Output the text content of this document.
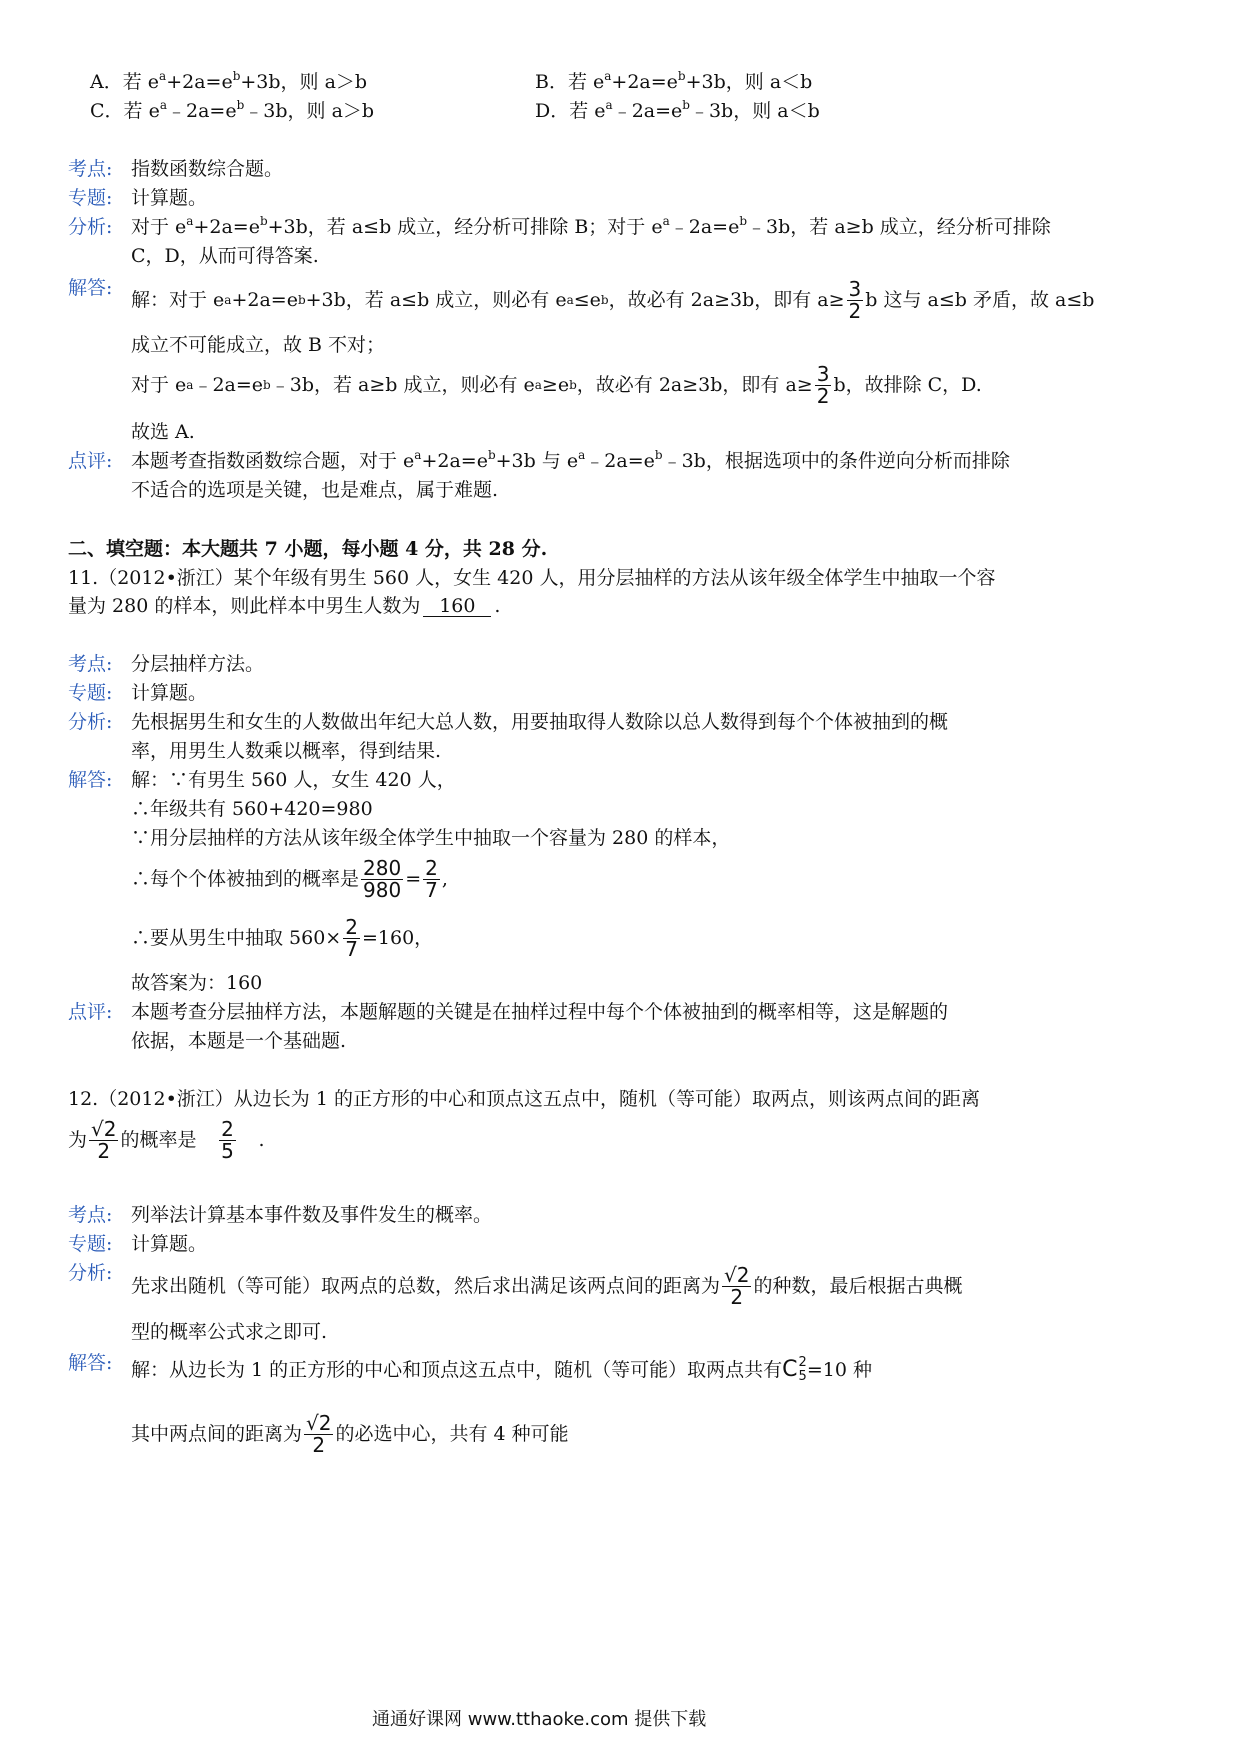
A．若 $e^a+2a=e^b+3b$，则 a＞b	B．若 $e^a+2a=e^b+3b$，则 a＜b
C．若 $e^a﹣2a=e^b﹣3b$，则 a＞b	D．若 $e^a﹣2a=e^b﹣3b$，则 a＜b
考点: 指数函数综合题。
专题: 计算题。
分析: 对于 $e^a+2a=e^b+3b$，若 a≤b 成立，经分析可排除 B；对于 $e^a﹣2a=e^b﹣3b$，若 a≥b 成立，经分析可排除
C，D，从而可得答案.
解答:
解：对于 e a +2a=e b +3b，若 a≤b 成立，则必有 e a ≤e b ，故必有 2a≥3b，即有 $a\ge \frac{3}{2}$ b 这与 a≤b 矛盾，故 a≤b
成立不可能成立，故 B 不对；
对于 e a ﹣2a=e b ﹣3b，若 a≥b 成立，则必有 e a ≥e b ，故必有 2a≥3b，即有 $a\ge \frac{3}{2}$ b，故排除 C，D.
故选 A.
点评: 本题考查指数函数综合题，对于 $e^a+2a=e^b+3b$ 与 $e^a﹣2a=e^b﹣3b$，根据选项中的条件逆向分析而排除
不适合的选项是关键，也是难点，属于难题.
二、填空题：本大题共 7 小题，每小题 4 分，共 28 分.
11.（2012•浙江）某个年级有男生 560 人，女生 420 人，用分层抽样的方法从该年级全体学生中抽取一个容
量为 280 的样本，则此样本中男生人数为 160 .
考点: 分层抽样方法。
专题: 计算题。
分析: 先根据男生和女生的人数做出年纪大总人数，用要抽取得人数除以总人数得到每个个体被抽到的概
率，用男生人数乘以概率，得到结果.
解答: 解：∵有男生 560 人，女生 420 人，
∴年级共有 560+420=980
∵用分层抽样的方法从该年级全体学生中抽取一个容量为 280 的样本，
∴每个个体被抽到的概率是 $\frac{280}{980} = \frac{2}{7}$ ,
∴要从男生中抽取 $560\times \frac{2}{7} =160$，
故答案为：160
点评: 本题考查分层抽样方法，本题解题的关键是在抽样过程中每个个体被抽到的概率相等，这是解题的
依据，本题是一个基础题.
12.（2012•浙江）从边长为 1 的正方形的中心和顶点这五点中，随机（等可能）取两点，则该两点间的距离
为 $\frac{√2}{2}$ 的概率是 $\frac{2}{5}$ .
考点: 列举法计算基本事件数及事件发生的概率。
专题: 计算题。
分析:
先求出随机（等可能）取两点的总数，然后求出满足该两点间的距离为 $\frac{√2}{2}$ 的种数，最后根据古典概
型的概率公式求之即可.
解答: 解：从边长为 1 的正方形的中心和顶点这五点中，随机（等可能）取两点共有 C 2
5 =10 种
其中两点间的距离为 $\frac{√2}{2}$ 的必选中心，共有 4 种可能
通通好课网 www.tthaoke.com 提供下载
